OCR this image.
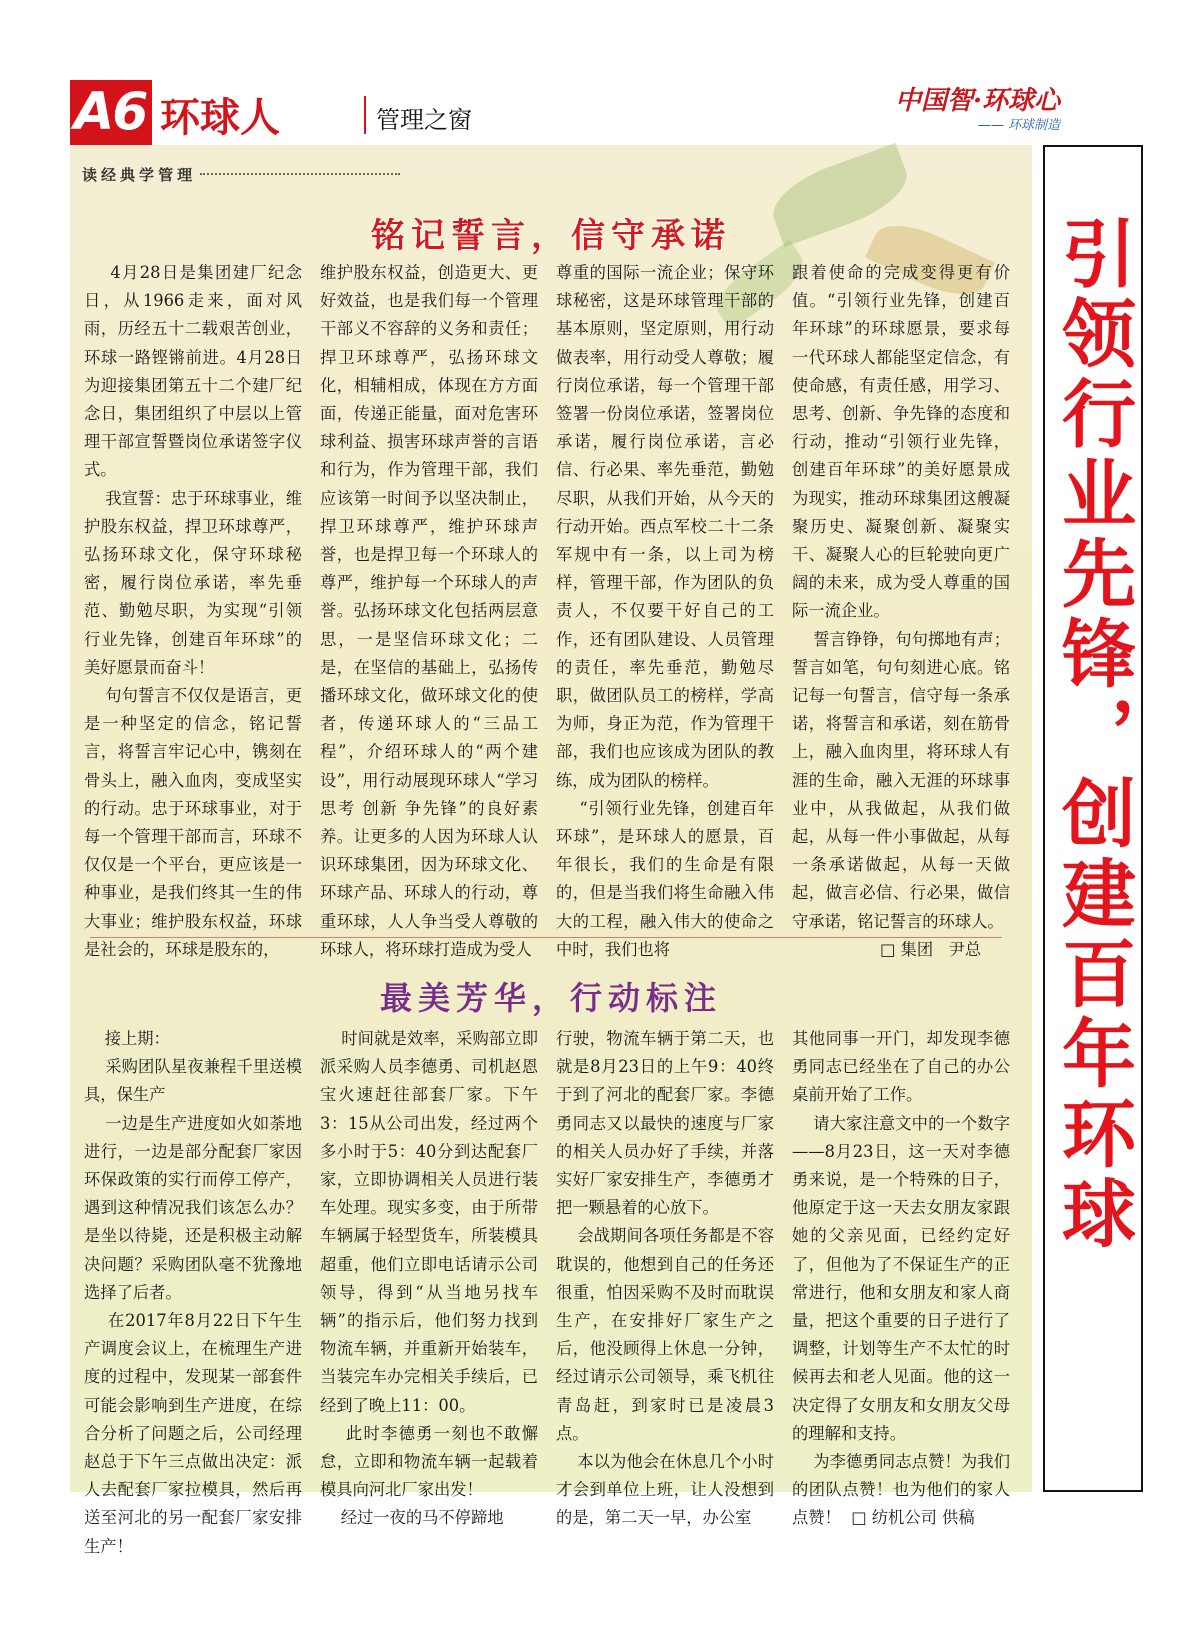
A6 环球人	管理之窗
中国智·环球心
—— 环球制造
读 经 典 学 管 理
铭记誓言，信守承诺
4月28日是集团建厂纪念日，从1966走来，面对风雨，历经五十二载艰苦创业，环球一路铿锵前进。4月28日为迎接集团第五十二个建厂纪念日，集团组织了中层以上管理干部宣誓暨岗位承诺签字仪式。
我宣誓：忠于环球事业，维护股东权益，捍卫环球尊严，弘扬环球文化，保守环球秘密，履行岗位承诺，率先垂范、勤勉尽职，为实现“引领行业先锋，创建百年环球”的美好愿景而奋斗！
句句誓言不仅仅是语言，更是一种坚定的信念，铭记誓言，将誓言牢记心中，镌刻在骨头上，融入血肉，变成坚实的行动。忠于环球事业，对于每一个管理干部而言，环球不仅仅是一个平台，更应该是一种事业，是我们终其一生的伟大事业；维护股东权益，环球是社会的，环球是股东的，
维护股东权益，创造更大、更好效益，也是我们每一个管理干部义不容辞的义务和责任；捍卫环球尊严，弘扬环球文化，相辅相成，体现在方方面面，传递正能量，面对危害环球利益、损害环球声誉的言语和行为，作为管理干部，我们应该第一时间予以坚决制止，捍卫环球尊严，维护环球声誉，也是捍卫每一个环球人的尊严，维护每一个环球人的声誉。弘扬环球文化包括两层意思，一是坚信环球文化；二是，在坚信的基础上，弘扬传播环球文化，做环球文化的使者，传递环球人的“三品工程”，介绍环球人的“两个建设”，用行动展现环球人“学习 思考 创新 争先锋”的良好素养。让更多的人因为环球人认识环球集团，因为环球文化、环球产品、环球人的行动，尊重环球，人人争当受人尊敬的环球人，将环球打造成为受人
尊重的国际一流企业；保守环球秘密，这是环球管理干部的基本原则，坚定原则，用行动做表率，用行动受人尊敬；履行岗位承诺，每一个管理干部签署一份岗位承诺，签署岗位承诺，履行岗位承诺，言必信、行必果、率先垂范，勤勉尽职，从我们开始，从今天的行动开始。西点军校二十二条军规中有一条，以上司为榜样，管理干部，作为团队的负责人，不仅要干好自己的工作，还有团队建设、人员管理的责任，率先垂范，勤勉尽职，做团队员工的榜样，学高为师，身正为范，作为管理干部，我们也应该成为团队的教练，成为团队的榜样。
“引领行业先锋，创建百年环球”，是环球人的愿景，百年很长，我们的生命是有限的，但是当我们将生命融入伟大的工程，融入伟大的使命之中时，我们也将
跟着使命的完成变得更有价值。“引领行业先锋，创建百年环球”的环球愿景，要求每一代环球人都能坚定信念，有使命感，有责任感，用学习、思考、创新、争先锋的态度和行动，推动“引领行业先锋，创建百年环球”的美好愿景成为现实，推动环球集团这艘凝聚历史、凝聚创新、凝聚实干、凝聚人心的巨轮驶向更广阔的未来，成为受人尊重的国际一流企业。
誓言铮铮，句句掷地有声；誓言如笔，句句刻进心底。铭记每一句誓言，信守每一条承诺，将誓言和承诺，刻在筋骨上，融入血肉里，将环球人有涯的生命，融入无涯的环球事业中，从我做起，从我们做起，从每一件小事做起，从每一条承诺做起，从每一天做起，做言必信、行必果，做信守承诺，铭记誓言的环球人。
□ 集团   尹总
最美芳华，行动标注
接上期：
采购团队星夜兼程千里送模具，保生产
一边是生产进度如火如荼地进行，一边是部分配套厂家因环保政策的实行而停工停产，遇到这种情况我们该怎么办？是坐以待毙，还是积极主动解决问题？采购团队毫不犹豫地选择了后者。
在2017年8月22日下午生产调度会议上，在梳理生产进度的过程中，发现某一部套件可能会影响到生产进度，在综合分析了问题之后，公司经理赵总于下午三点做出决定：派人去配套厂家拉模具，然后再送至河北的另一配套厂家安排生产！
时间就是效率，采购部立即派采购人员李德勇、司机赵恩宝火速赶往部套厂家。下午3：15从公司出发，经过两个多小时于5：40分到达配套厂家，立即协调相关人员进行装车处理。现实多变，由于所带车辆属于轻型货车，所装模具超重，他们立即电话请示公司领导，得到“从当地另找车辆”的指示后，他们努力找到物流车辆，并重新开始装车，当装完车办完相关手续后，已经到了晚上11：00。
此时李德勇一刻也不敢懈怠，立即和物流车辆一起载着模具向河北厂家出发！
经过一夜的马不停蹄地
行驶，物流车辆于第二天，也就是8月23日的上午9：40终于到了河北的配套厂家。李德勇同志又以最快的速度与厂家的相关人员办好了手续，并落实好厂家安排生产，李德勇才把一颗悬着的心放下。
会战期间各项任务都是不容耽误的，他想到自己的任务还很重，怕因采购不及时而耽误生产，在安排好厂家生产之后，他没顾得上休息一分钟，经过请示公司领导，乘飞机往青岛赶，到家时已是凌晨3点。
本以为他会在休息几个小时才会到单位上班，让人没想到的是，第二天一早，办公室
其他同事一开门，却发现李德勇同志已经坐在了自己的办公桌前开始了工作。
请大家注意文中的一个数字——8月23日，这一天对李德勇来说，是一个特殊的日子，他原定于这一天去女朋友家跟她的父亲见面，已经约定好了，但他为了不保证生产的正常进行，他和女朋友和家人商量，把这个重要的日子进行了调整，计划等生产不太忙的时候再去和老人见面。他的这一决定得了女朋友和女朋友父母的理解和支持。
为李德勇同志点赞！为我们的团队点赞！也为他们的家人点赞！  □ 纺机公司 供稿
引领行业先锋，创建百年环球
